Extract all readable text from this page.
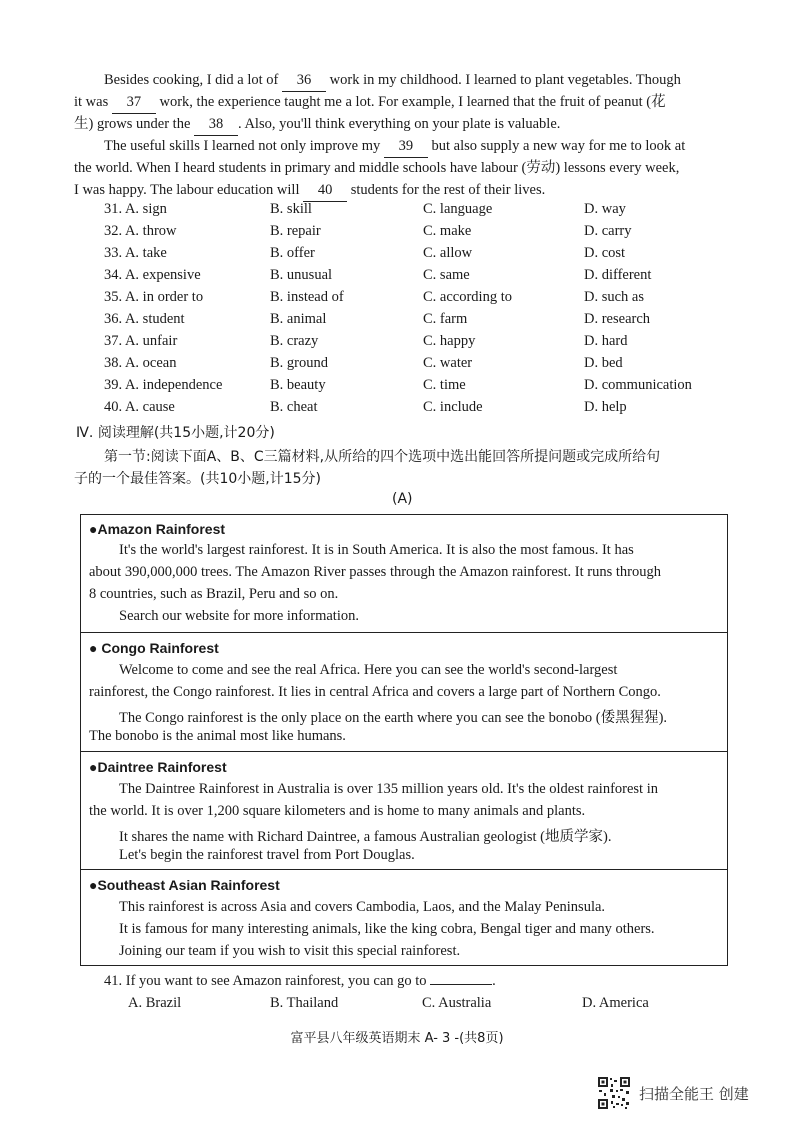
Besides cooking, I did a lot of 36 work in my childhood. I learned to plant vegetables. Though
it was 37 work, the experience taught me a lot. For example, I learned that the fruit of peanut (花
生) grows under the 38 . Also, you'll think everything on your plate is valuable.
The useful skills I learned not only improve my 39 but also supply a new way for me to look at
the world. When I heard students in primary and middle schools have labour (劳动) lessons every week,
I was happy. The labour education will 40 students for the rest of their lives.
31. A. sign	B. skill	C. language	D. way
32. A. throw	B. repair	C. make	D. carry
33. A. take	B. offer	C. allow	D. cost
34. A. expensive	B. unusual	C. same	D. different
35. A. in order to	B. instead of	C. according to	D. such as
36. A. student	B. animal	C. farm	D. research
37. A. unfair	B. crazy	C. happy	D. hard
38. A. ocean	B. ground	C. water	D. bed
39. A. independence	B. beauty	C. time	D. communication
40. A. cause	B. cheat	C. include	D. help
Ⅳ. 阅读理解(共15小题,计20分)
第一节:阅读下面A、B、C三篇材料,从所给的四个选项中选出能回答所提问题或完成所给句
子的一个最佳答案。(共10小题,计15分)
(A)
●Amazon Rainforest
It's the world's largest rainforest. It is in South America. It is also the most famous. It has
about 390,000,000 trees. The Amazon River passes through the Amazon rainforest. It runs through
8 countries, such as Brazil, Peru and so on.
Search our website for more information.
● Congo Rainforest
Welcome to come and see the real Africa. Here you can see the world's second-largest
rainforest, the Congo rainforest. It lies in central Africa and covers a large part of Northern Congo.
The Congo rainforest is the only place on the earth where you can see the bonobo (倭黑猩猩).
The bonobo is the animal most like humans.
●Daintree Rainforest
The Daintree Rainforest in Australia is over 135 million years old. It's the oldest rainforest in
the world. It is over 1,200 square kilometers and is home to many animals and plants.
It shares the name with Richard Daintree, a famous Australian geologist (地质学家).
Let's begin the rainforest travel from Port Douglas.
●Southeast Asian Rainforest
This rainforest is across Asia and covers Cambodia, Laos, and the Malay Peninsula.
It is famous for many interesting animals, like the king cobra, Bengal tiger and many others.
Joining our team if you wish to visit this special rainforest.
41. If you want to see Amazon rainforest, you can go to	.
A. Brazil	B. Thailand	C. Australia	D. America
富平县八年级英语期末 A- 3 -(共8页)
扫描全能王 创建
